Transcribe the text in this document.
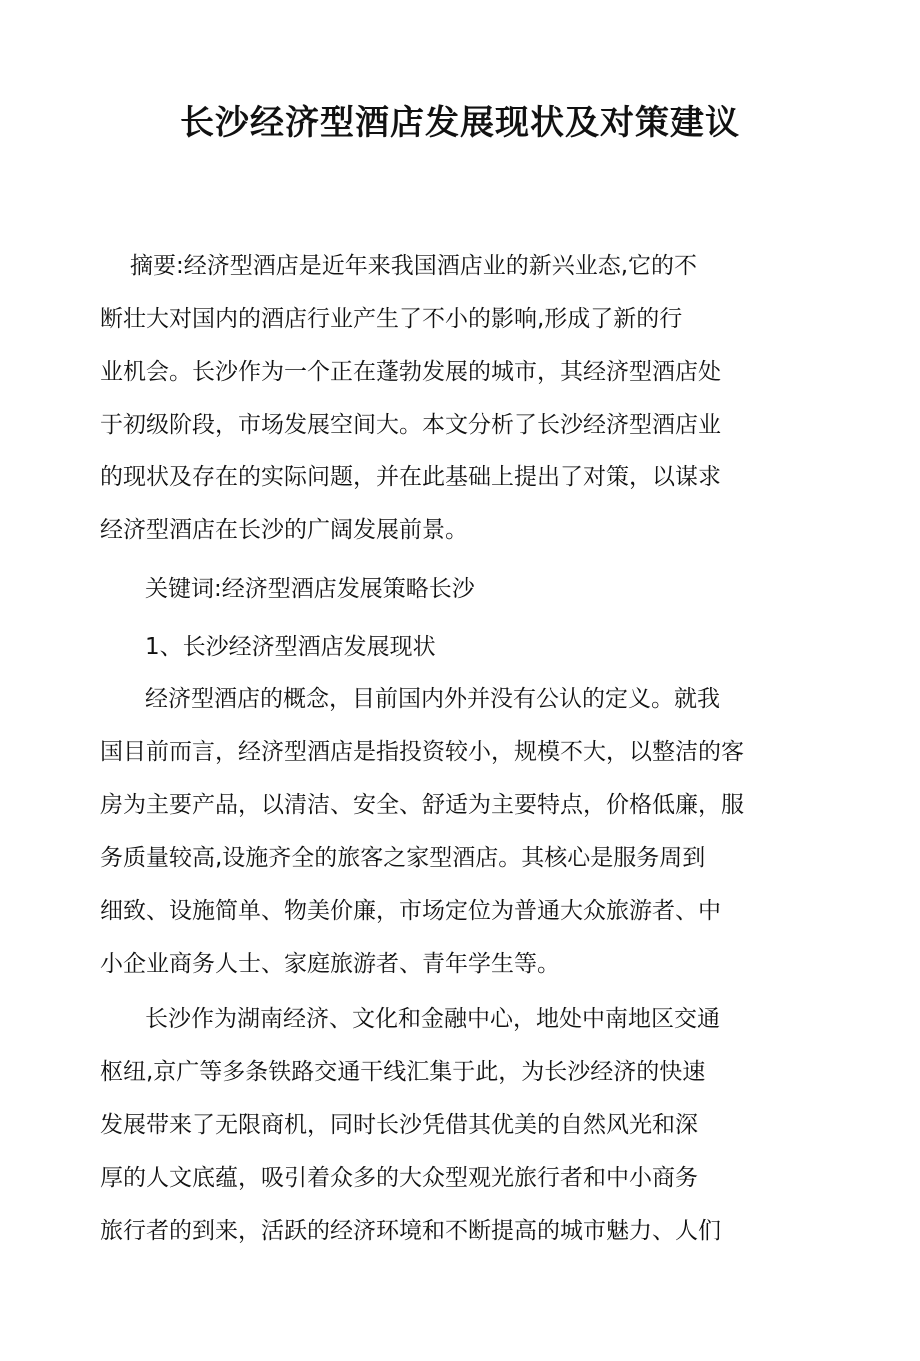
长沙经济型酒店发展现状及对策建议
摘要:经济型酒店是近年来我国酒店业的新兴业态,它的不
断壮大对国内的酒店行业产生了不小的影响,形成了新的行
业机会。长沙作为一个正在蓬勃发展的城市，其经济型酒店处
于初级阶段，市场发展空间大。本文分析了长沙经济型酒店业
的现状及存在的实际问题，并在此基础上提出了对策，以谋求
经济型酒店在长沙的广阔发展前景。
关键词:经济型酒店发展策略长沙
1、长沙经济型酒店发展现状
经济型酒店的概念，目前国内外并没有公认的定义。就我
国目前而言，经济型酒店是指投资较小，规模不大，以整洁的客
房为主要产品，以清洁、安全、舒适为主要特点，价格低廉，服
务质量较高,设施齐全的旅客之家型酒店。其核心是服务周到
细致、设施简单、物美价廉，市场定位为普通大众旅游者、中
小企业商务人士、家庭旅游者、青年学生等。
长沙作为湖南经济、文化和金融中心，地处中南地区交通
枢纽,京广等多条铁路交通干线汇集于此，为长沙经济的快速
发展带来了无限商机，同时长沙凭借其优美的自然风光和深
厚的人文底蕴，吸引着众多的大众型观光旅行者和中小商务
旅行者的到来，活跃的经济环境和不断提高的城市魅力、人们
